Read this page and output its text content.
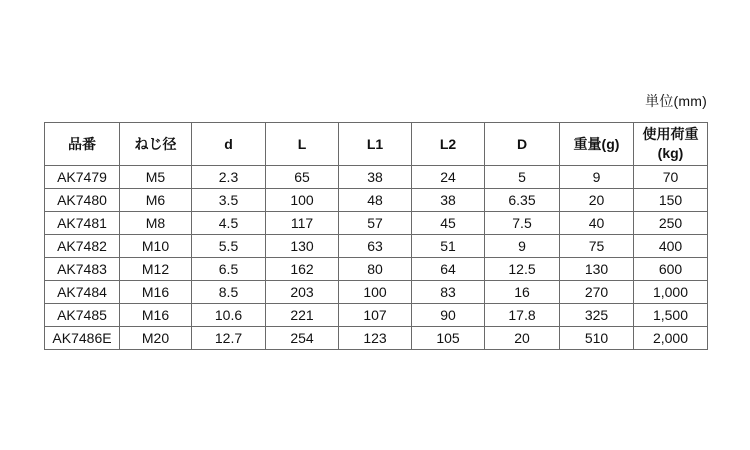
単位(mm)
品番	ねじ径	d	L	L1	L2	D	重量(g)	使用荷重
(kg)

AK7479	M5	2.3	65	38	24	5	9	70
AK7480	M6	3.5	100	48	38	6.35	20	150
AK7481	M8	4.5	117	57	45	7.5	40	250
AK7482	M10	5.5	130	63	51	9	75	400
AK7483	M12	6.5	162	80	64	12.5	130	600
AK7484	M16	8.5	203	100	83	16	270	1,000
AK7485	M16	10.6	221	107	90	17.8	325	1,500
AK7486E	M20	12.7	254	123	105	20	510	2,000
